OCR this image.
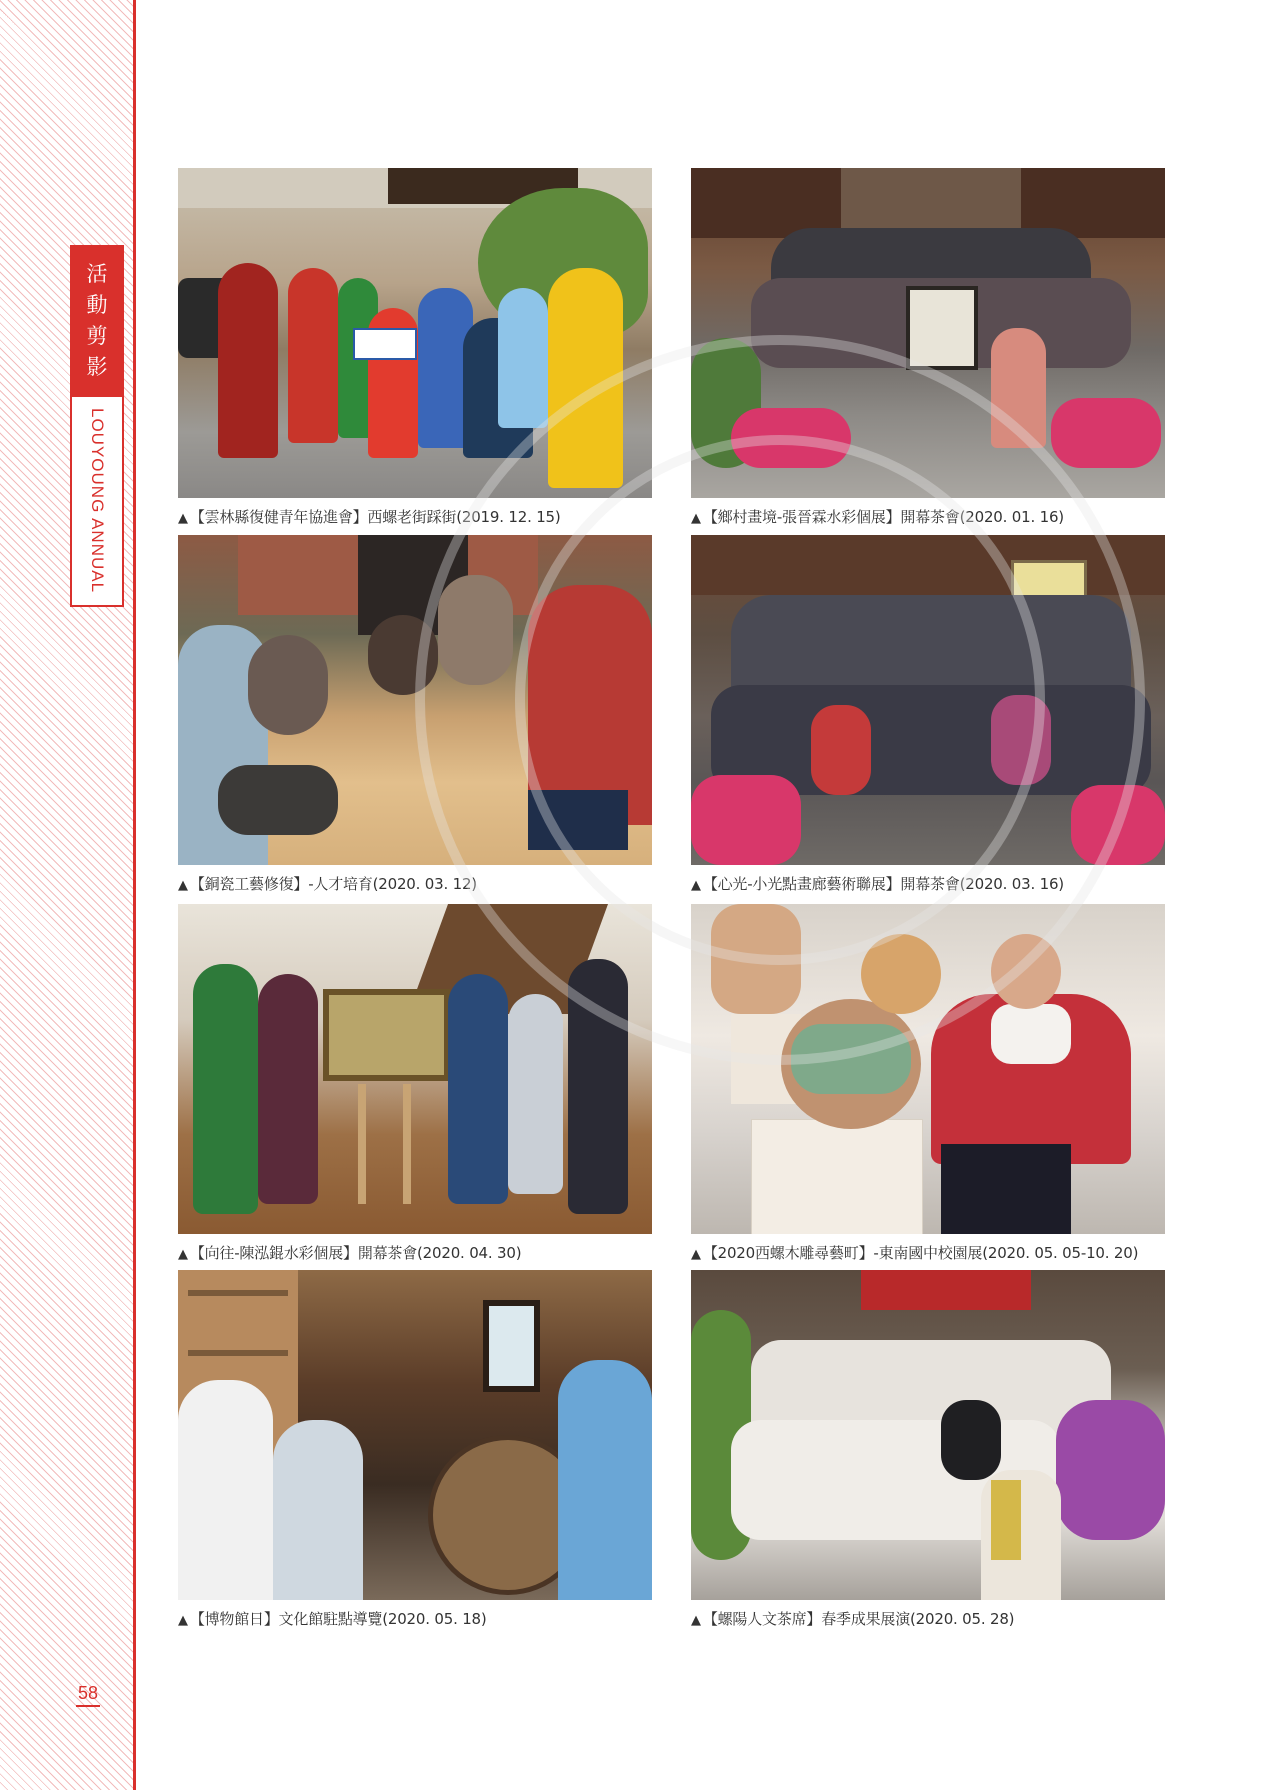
活
動
剪
影
LOUYOUNG ANNUAL	▲ 【雲林縣復健青年協進會】西螺老街踩街(2019. 12. 15)	▲ 【鄉村畫境-張晉霖水彩個展】開幕茶會(2020. 01. 16)
▲ 【銅瓷工藝修復】-人才培育(2020. 03. 12)	▲ 【心光-小光點畫廊藝術聯展】開幕茶會(2020. 03. 16)
▲ 【向往-陳泓錕水彩個展】開幕茶會(2020. 04. 30)	▲ 【2020西螺木雕尋藝町】-東南國中校園展(2020. 05. 05-10. 20)
▲ 【博物館日】文化館駐點導覽(2020. 05. 18)	▲ 【螺陽人文茶席】春季成果展演(2020. 05. 28)
58
